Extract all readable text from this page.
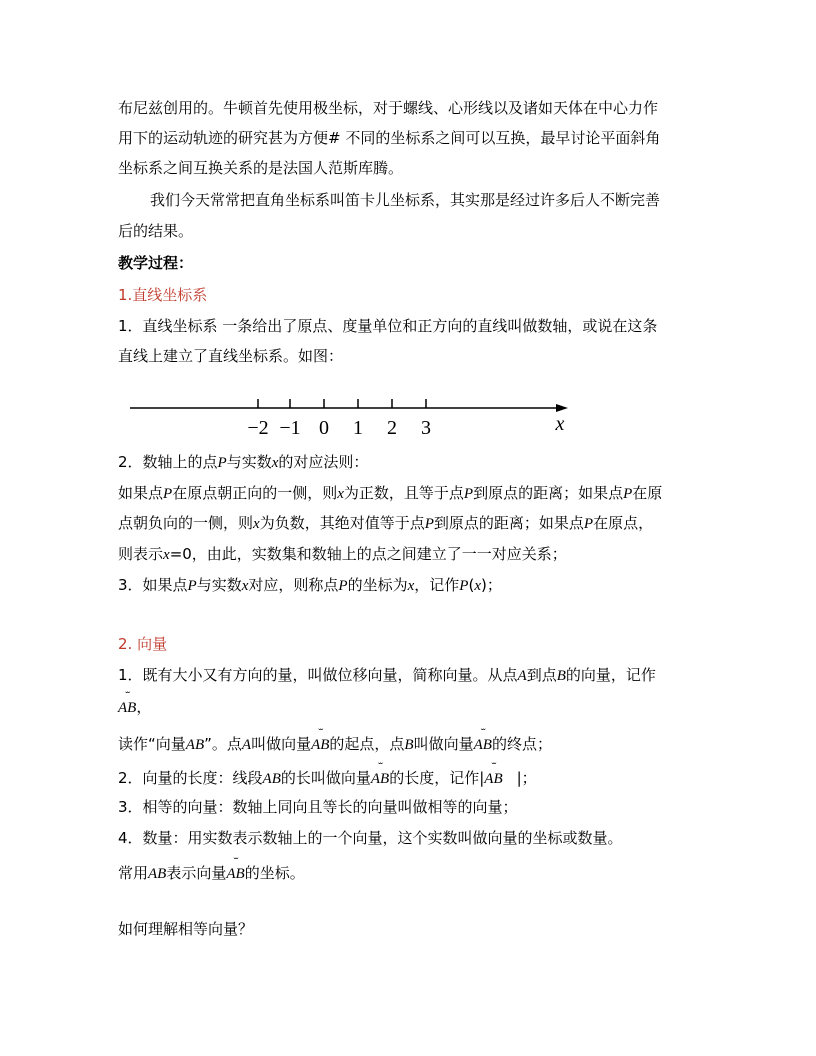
布尼兹创用的。牛顿首先使用极坐标，对于螺线、心形线以及诸如天体在中心力作
用下的运动轨迹的研究甚为方便# 不同的坐标系之间可以互换，最早讨论平面斜角
坐标系之间互换关系的是法国人范斯库腾。
我们今天常常把直角坐标系叫笛卡儿坐标系，其实那是经过许多后人不断完善
后的结果。
教学过程：
1.直线坐标系
1．直线坐标系 一条给出了原点、度量单位和正方向的直线叫做数轴，或说在这条
直线上建立了直线坐标系。如图：
−2 −1 0 1 2 3	x
2．数轴上的点P与实数x的对应法则：
如果点P在原点朝正向的一侧，则x为正数，且等于点P到原点的距离；如果点P在原
点朝负向的一侧，则x为负数，其绝对值等于点P到原点的距离；如果点P在原点，
则表示x=0，由此，实数集和数轴上的点之间建立了一一对应关系；
3．如果点P与实数x对应，则称点P的坐标为x，记作P(x)；
2. 向量
1．既有大小又有方向的量，叫做位移向量，简称向量。从点A到点B的向量，记作
ˇˇ
AB，
读作“向量AB”。点A叫做向量
ˇˇ
AB的起点，点B叫做向量
ˇˇ
AB的终点；
2．向量的长度：线段AB的长叫做向量
ˇˇ
AB的长度，记作|
ˇˇ
AB |；
3．相等的向量：数轴上同向且等长的向量叫做相等的向量；
4．数量：用实数表示数轴上的一个向量，这个实数叫做向量的坐标或数量。
常用AB表示向量
ˇˇ
AB的坐标。
如何理解相等向量？
